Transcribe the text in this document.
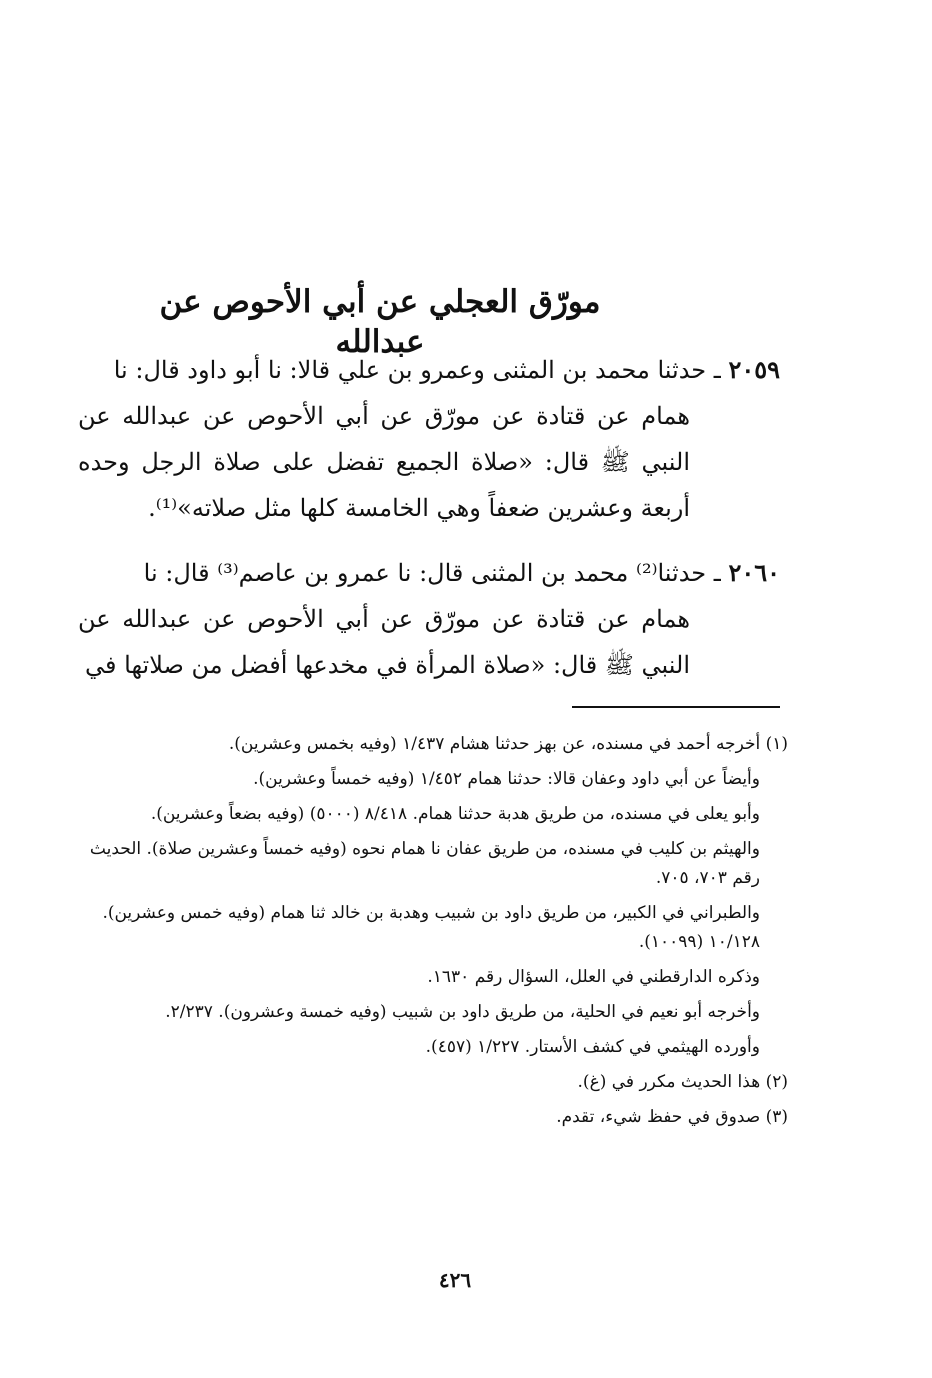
مورّق العجلي عن أبي الأحوص عن عبدالله
٢٠٥٩ ـ حدثنا محمد بن المثنى وعمرو بن علي قالا: نا أبو داود قال: نا
همام عن قتادة عن مورّق عن أبي الأحوص عن عبدالله عن النبي ﷺ قال: «صلاة الجميع تفضل على صلاة الرجل وحده أربعة وعشرين ضعفاً وهي الخامسة كلها مثل صلاته»⁽¹⁾.
٢٠٦٠ ـ حدثنا⁽²⁾ محمد بن المثنى قال: نا عمرو بن عاصم⁽³⁾ قال: نا
همام عن قتادة عن مورّق عن أبي الأحوص عن عبدالله عن النبي ﷺ قال: «صلاة المرأة في مخدعها أفضل من صلاتها في
(١) أخرجه أحمد في مسنده، عن بهز حدثنا هشام ١/٤٣٧ (وفيه بخمس وعشرين).
وأيضاً عن أبي داود وعفان قالا: حدثنا همام ١/٤٥٢ (وفيه خمساً وعشرين).
وأبو يعلى في مسنده، من طريق هدبة حدثنا همام. ٨/٤١٨ (٥٠٠٠) (وفيه بضعاً وعشرين).
والهيثم بن كليب في مسنده، من طريق عفان نا همام نحوه (وفيه خمساً وعشرين صلاة). الحديث رقم ٧٠٣، ٧٠٥.
والطبراني في الكبير، من طريق داود بن شبيب وهدبة بن خالد ثنا همام (وفيه خمس وعشرين). ١٠/١٢٨ (١٠٠٩٩).
وذكره الدارقطني في العلل، السؤال رقم ١٦٣٠.
وأخرجه أبو نعيم في الحلية، من طريق داود بن شبيب (وفيه خمسة وعشرون). ٢/٢٣٧.
وأورده الهيثمي في كشف الأستار. ١/٢٢٧ (٤٥٧).
(٢) هذا الحديث مكرر في (غ).
(٣) صدوق في حفظ شيء، تقدم.
٤٢٦
